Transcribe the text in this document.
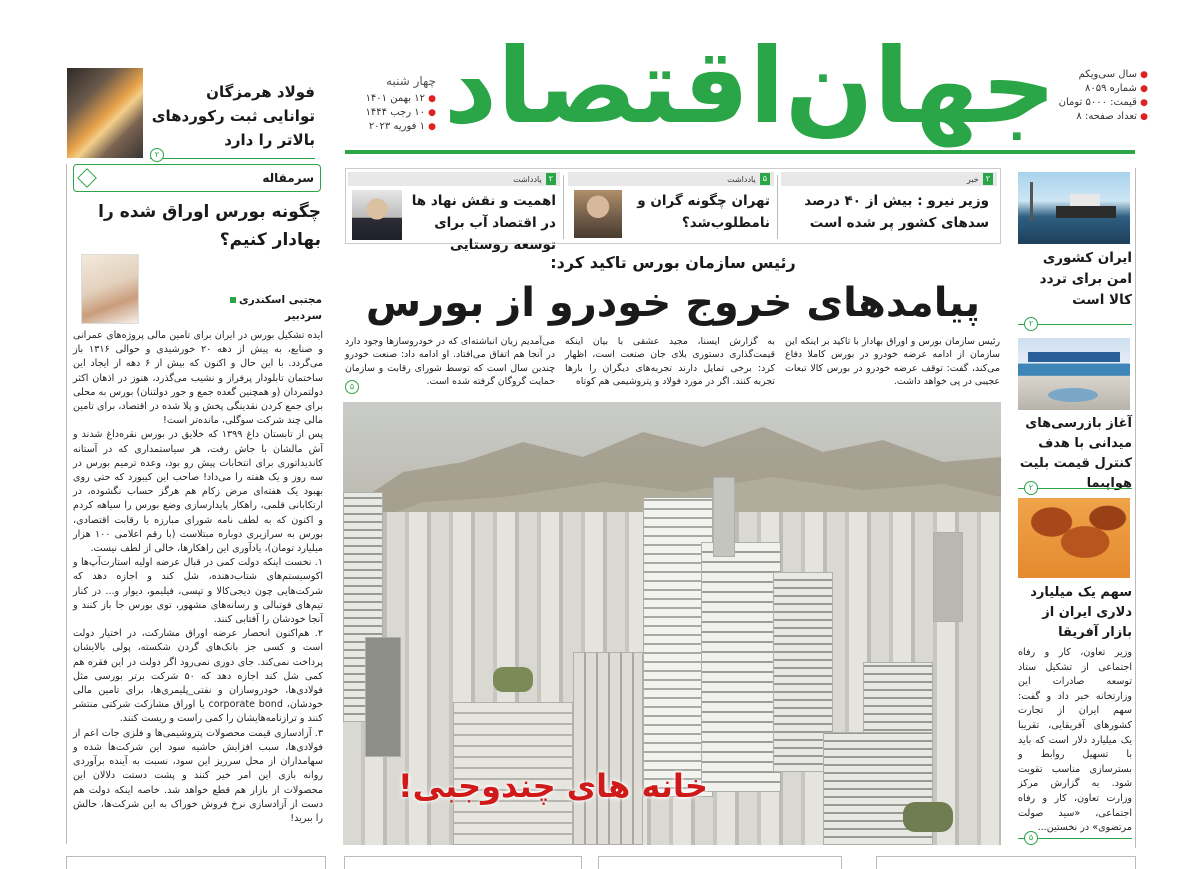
● سال سی‌ویکم
● شماره ۸۰۵۹
● قیمت: ۵۰۰۰ تومان
● تعداد صفحه: ۸
جهان‌اقتصاد
چهار شنبه
● ۱۲ بهمن ۱۴۰۱
● ۱۰ رجب ۱۴۴۴
● ۱ فوریه ۲۰۲۳
فولاد هرمزگان توانایی ثبت رکوردهای بالاتر را دارد
۲
۲
خبر
وزیر نیرو : بیش از ۴۰ درصد سدهای کشور پر شده است
۵
یادداشت
تهران چگونه گران و نامطلوب‌شد؟
۲
یادداشت
اهمیت و نقش نهاد ها در اقتصاد آب برای توسعه روستایی
سرمقاله
چگونه بورس اوراق شده را بهادار کنیم؟
مجتبی اسکندری
سردبیر

ایده تشکیل بورس در ایران برای تامین مالی پروژه‌های عمرانی و صنایع، به پیش از دهه ۲۰ خورشیدی و حوالی ۱۳۱۶ باز می‌گردد. با این حال و اکنون که بیش از ۶ دهه از ایجاد این ساختمان تابلودار پرفراز و نشیب می‌گذرد، هنوز در اذهان اکثر دولتمردان (و همچنین گعده جمع و جور دولتنان) بورس به محلی برای جمع کردن نقدینگی پخش و پلا شده در اقتصاد، برای تامین مالی چند شرکت سوگلی، مانده‌تر است!

پس از تابستان داغ ۱۳۹۹ که خلایق در بورس نقره‌داغ شدند و آش مالشان با جاش رفت، هر سیاستمداری که در آستانه کاندیداتوری برای انتخابات پیش رو بود، وعده ترمیم بورس در سه روز و یک هفته را می‌داد! صاحب این کیبورد که حتی روی بهبود یک هفته‌ای مرض زکام هم هرگز حساب نگشوده، در ارتکابانی قلمی، راهکار پایدارسازی وضع بورس را سیاهه کردم و اکنون که به لطف نامه شورای مبارزه با رقابت اقتصادی، بورس به سرازیری دوباره مبتلاست (با رقم اعلامی ۱۰۰ هزار میلیارد تومان)، یادآوری این راهکارها، خالی از لطف نیست.

۱. نخست اینکه دولت کمی در قبال عرضه اولیه استارت‌آپ‌ها و اکوسیستم‌های شتاب‌دهنده، شل کند و اجازه دهد که شرکت‌هایی چون دیجی‌کالا و تپسی، فیلیمو، دیوار و... در کنار تیم‌های فوتبالی و رسانه‌های مشهور، توی بورس جا باز کنند و آنجا خودشان را آفتابی کنند.

۲. هم‌اکنون انحصار عرضه اوراق مشارکت، در اختیار دولت است و کسی جز بانک‌های گردن شکسته، پولی بالایشان پرداخت نمی‌کند. جای دوری نمی‌رود اگر دولت در این فقره هم کمی شل کند اجازه دهد که ۵۰ شرکت برتر بورسی مثل فولادی‌ها، خودروسازان و نفتی_پلیمری‌ها، برای تامین مالی خودشان، corporate bond یا اوراق مشارکت شرکتی منتشر کنند و ترازنامه‌هایشان را کمی راست و ریست کنند.

۳. آزادسازی قیمت محصولات پتروشیمی‌ها و فلزی جات اعم از فولادی‌ها، سبب افزایش حاشیه سود این شرکت‌ها شده و سهامداران از محل سرریز این سود، نسبت به آینده برآوردی روانه بازی این امر خیر کنند و پشت دستت دلالان این محصولات از بازار هم قطع خواهد شد. خاصه اینکه دولت هم دست از آزادسازی نرخ فروش خوراک به این شرکت‌ها، حالش را ببرید!

رئیس سازمان بورس تاکید کرد:
پیامدهای خروج خودرو از بورس
رئیس سازمان بورس و اوراق بهادار با تاکید بر اینکه این سازمان از ادامه عرضه خودرو در بورس کاملا دفاع می‌کند، گفت: توقف عرضه خودرو در بورس کالا تبعات عجیبی در پی خواهد داشت.
به گزارش ایسنا، مجید عشقی با بیان اینکه قیمت‌گذاری دستوری بلای جان صنعت است، اظهار کرد: برخی تمایل دارند تجربه‌های دیگران را بارها تجربه کنند. اگر در مورد فولاد و پتروشیمی هم کوتاه
می‌آمدیم زیان انباشته‌ای که در خودروسازها وجود دارد در آنجا هم اتفاق می‌افتاد. او ادامه داد: صنعت خودرو چندین سال است که توسط شورای رقابت و سازمان حمایت گروگان گرفته شده است.
۵
خانه های چندوجبی!
ایران کشوری امن برای تردد کالا است
۲
آغاز بازرسی‌های میدانی با هدف کنترل قیمت بلیت هواپیما
۲
سهم یک میلیارد دلاری ایران از بازار آفریقا
وزیر تعاون، کار و رفاه اجتماعی از تشکیل ستاد توسعه صادرات این وزارتخانه خبر داد و گفت: سهم ایران از تجارت کشورهای آفریقایی، تقریبا یک میلیارد دلار است که باید با تسهیل روابط و بسترسازی مناسب تقویت شود. به گزارش مرکز وزارت تعاون، کار و رفاه اجتماعی، «سید صولت مرتضوی» در نخستین...
۵
